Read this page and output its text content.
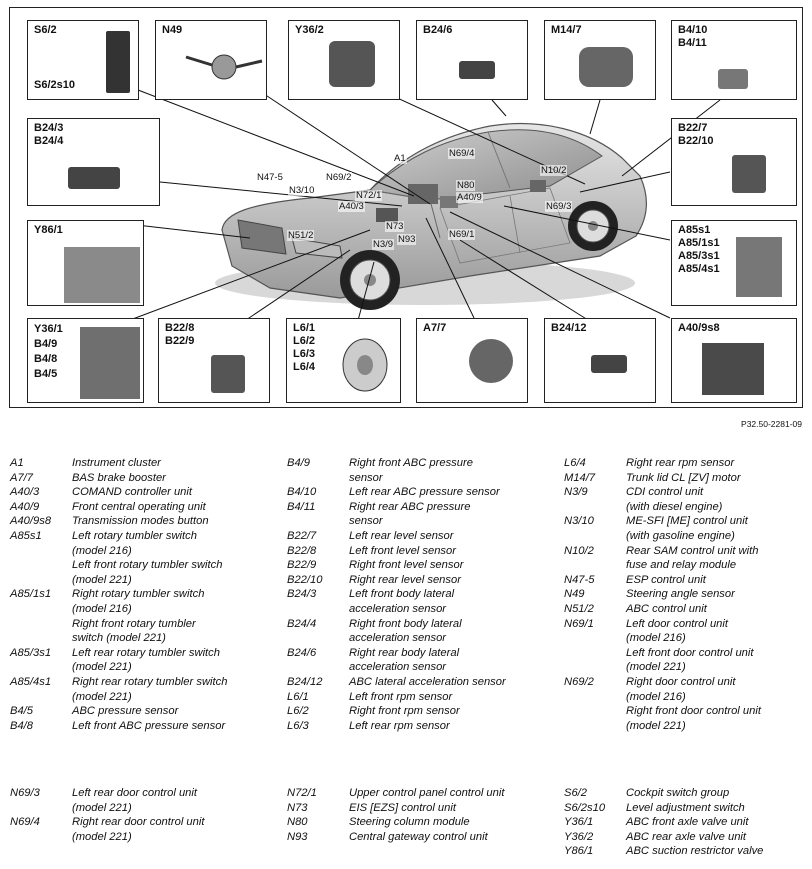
S6/2
S6/2s10
N49	Y36/2	B24/6	M14/7	B4/10
B4/11
B24/3
B24/4
B22/7
B22/10
Y86/1	A85s1
A85/1s1
A85/3s1
A85/4s1
Y36/1
B4/9
B4/8
B4/5
B22/8
B22/9
L6/1
L6/2
L6/3
L6/4
A7/7	B24/12	A40/9s8
A1	N69/4
N69/2
N47-5
N3/10	N72/1
A40/3
N80
A40/9
N10/2
N69/3
N51/2
N73
N93
N3/9
N69/1
P32.50-2281-09
A1	Instrument cluster
A7/7	BAS brake booster
A40/3	COMAND controller unit
A40/9	Front central operating unit
A40/9s8 Transmission modes button
A85s1	Left rotary tumbler switch
(model 216)
Left front rotary tumbler switch
(model 221)
A85/1s1 Right rotary tumbler switch
(model 216)
Right front rotary tumbler
switch (model 221)
A85/3s1 Left rear rotary tumbler switch
(model 221)
A85/4s1 Right rear rotary tumbler switch
(model 221)
B4/5	ABC pressure sensor
B4/8	Left front ABC pressure sensor
B4/9	Right front ABC pressure
sensor
B4/10	Left rear ABC pressure sensor
B4/11	Right rear ABC pressure
sensor
B22/7	Left rear level sensor
B22/8	Left front level sensor
B22/9	Right front level sensor
B22/10 Right rear level sensor
B24/3	Left front body lateral
acceleration sensor
B24/4	Right front body lateral
acceleration sensor
B24/6	Right rear body lateral
acceleration sensor
B24/12 ABC lateral acceleration sensor
L6/1	Left front rpm sensor
L6/2	Right front rpm sensor
L6/3	Left rear rpm sensor
L6/4	Right rear rpm sensor
M14/7	Trunk lid CL [ZV] motor
N3/9	CDI control unit
(with diesel engine)
N3/10	ME-SFI [ME] control unit
(with gasoline engine)
N10/2	Rear SAM control unit with
fuse and relay module
N47-5	ESP control unit
N49	Steering angle sensor
N51/2	ABC control unit
N69/1	Left door control unit
(model 216)
Left front door control unit
(model 221)
N69/2	Right door control unit
(model 216)
Right front door control unit
(model 221)
N69/3	Left rear door control unit
(model 221)
N69/4	Right rear door control unit
(model 221)
N72/1	Upper control panel control unit
N73	EIS [EZS] control unit
N80	Steering column module
N93	Central gateway control unit
S6/2	Cockpit switch group
S6/2s10 Level adjustment switch
Y36/1	ABC front axle valve unit
Y36/2	ABC rear axle valve unit
Y86/1	ABC suction restrictor valve
